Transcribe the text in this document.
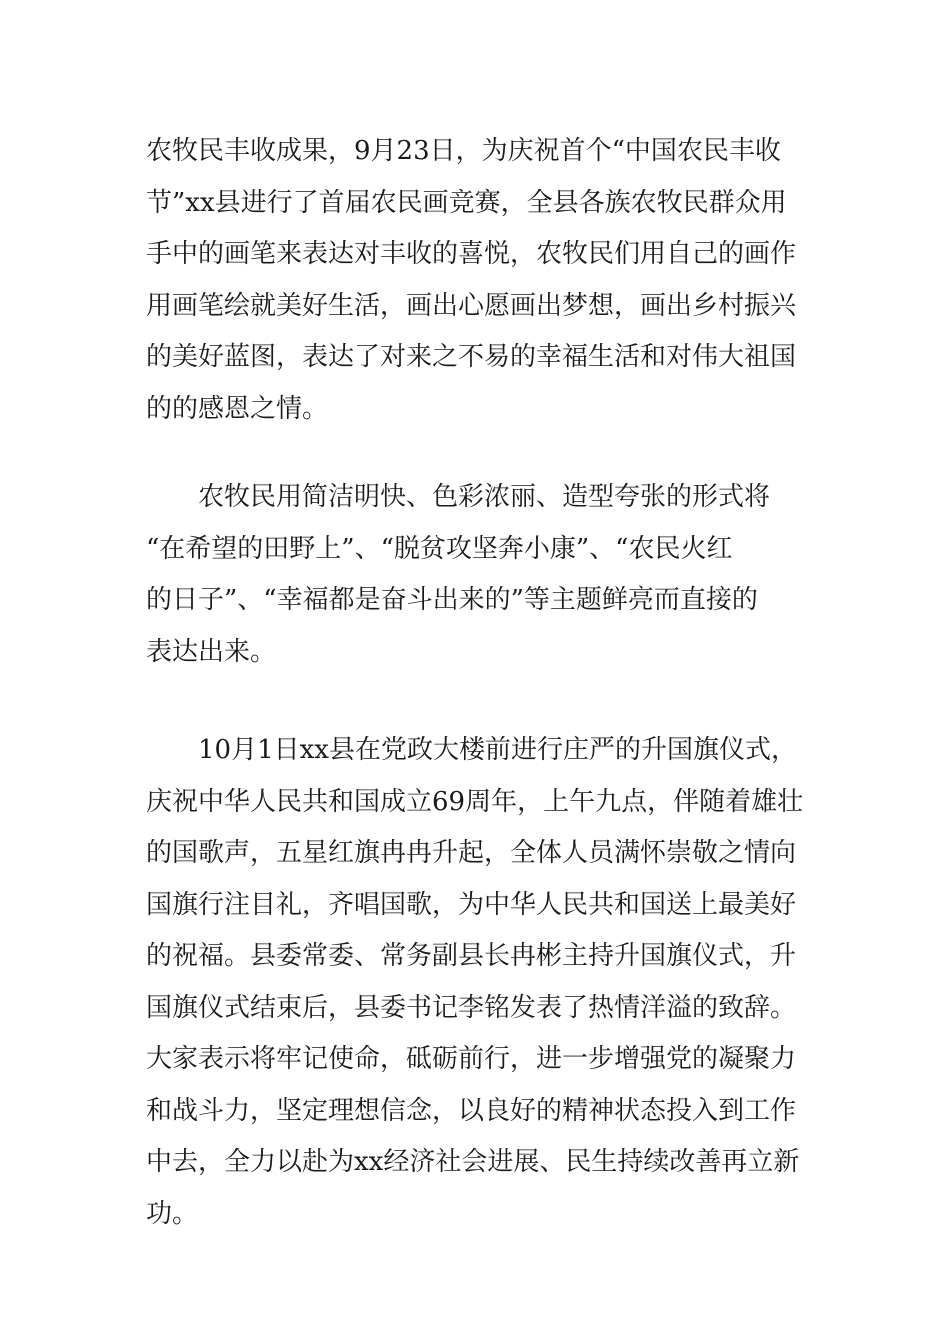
农牧民丰收成果，9月23日，为庆祝首个“中国农民丰收
节”xx县进行了首届农民画竞赛，全县各族农牧民群众用
手中的画笔来表达对丰收的喜悦，农牧民们用自己的画作
用画笔绘就美好生活，画出心愿画出梦想，画出乡村振兴
的美好蓝图，表达了对来之不易的幸福生活和对伟大祖国
的的感恩之情。
　　农牧民用简洁明快、色彩浓丽、造型夸张的形式将
“在希望的田野上”、“脱贫攻坚奔小康”、“农民火红
的日子”、“幸福都是奋斗出来的”等主题鲜亮而直接的
表达出来。
　　10月1日xx县在党政大楼前进行庄严的升国旗仪式，
庆祝中华人民共和国成立69周年，上午九点，伴随着雄壮
的国歌声，五星红旗冉冉升起，全体人员满怀崇敬之情向
国旗行注目礼，齐唱国歌，为中华人民共和国送上最美好
的祝福。县委常委、常务副县长冉彬主持升国旗仪式，升
国旗仪式结束后，县委书记李铭发表了热情洋溢的致辞。
大家表示将牢记使命，砥砺前行，进一步增强党的凝聚力
和战斗力，坚定理想信念，以良好的精神状态投入到工作
中去，全力以赴为xx经济社会进展、民生持续改善再立新
功。
